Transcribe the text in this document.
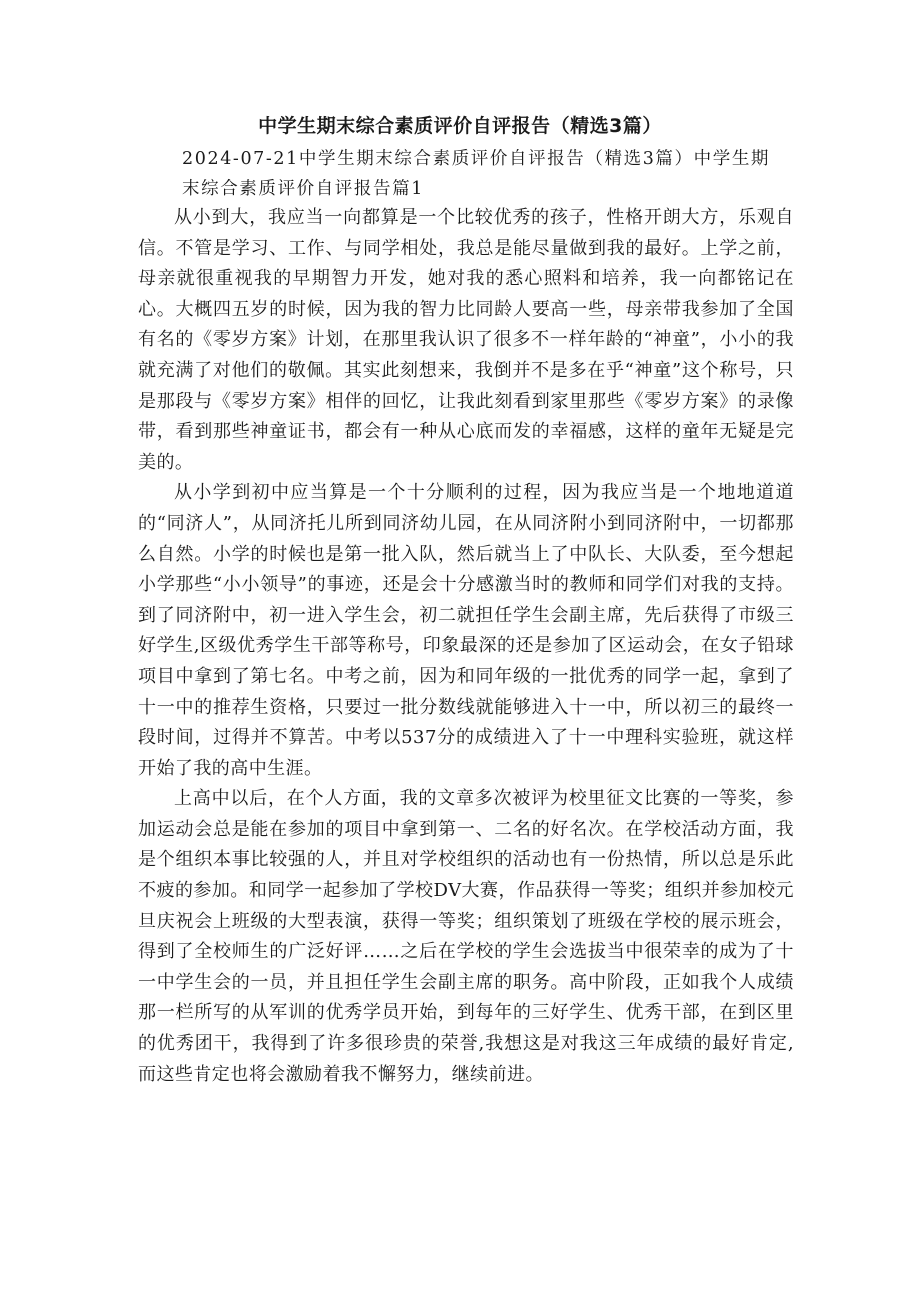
中学生期末综合素质评价自评报告（精选3篇）
2024-07-21中学生期末综合素质评价自评报告（精选3篇）中学生期末综合素质评价自评报告篇1

从小到大，我应当一向都算是一个比较优秀的孩子，性格开朗大方，乐观自信。不管是学习、工作、与同学相处，我总是能尽量做到我的最好。上学之前，母亲就很重视我的早期智力开发，她对我的悉心照料和培养，我一向都铭记在心。大概四五岁的时候，因为我的智力比同龄人要高一些，母亲带我参加了全国有名的《零岁方案》计划，在那里我认识了很多不一样年龄的“神童”，小小的我就充满了对他们的敬佩。其实此刻想来，我倒并不是多在乎“神童”这个称号，只是那段与《零岁方案》相伴的回忆，让我此刻看到家里那些《零岁方案》的录像带，看到那些神童证书，都会有一种从心底而发的幸福感，这样的童年无疑是完美的。

从小学到初中应当算是一个十分顺利的过程，因为我应当是一个地地道道的“同济人”，从同济托儿所到同济幼儿园，在从同济附小到同济附中，一切都那么自然。小学的时候也是第一批入队，然后就当上了中队长、大队委，至今想起小学那些“小小领导”的事迹，还是会十分感激当时的教师和同学们对我的支持。到了同济附中，初一进入学生会，初二就担任学生会副主席，先后获得了市级三好学生,区级优秀学生干部等称号，印象最深的还是参加了区运动会，在女子铅球项目中拿到了第七名。中考之前，因为和同年级的一批优秀的同学一起，拿到了十一中的推荐生资格，只要过一批分数线就能够进入十一中，所以初三的最终一段时间，过得并不算苦。中考以537分的成绩进入了十一中理科实验班，就这样开始了我的高中生涯。

上高中以后，在个人方面，我的文章多次被评为校里征文比赛的一等奖，参加运动会总是能在参加的项目中拿到第一、二名的好名次。在学校活动方面，我是个组织本事比较强的人，并且对学校组织的活动也有一份热情，所以总是乐此不疲的参加。和同学一起参加了学校DV大赛，作品获得一等奖；组织并参加校元旦庆祝会上班级的大型表演，获得一等奖；组织策划了班级在学校的展示班会，得到了全校师生的广泛好评……之后在学校的学生会选拔当中很荣幸的成为了十一中学生会的一员，并且担任学生会副主席的职务。高中阶段，正如我个人成绩那一栏所写的从军训的优秀学员开始，到每年的三好学生、优秀干部，在到区里的优秀团干，我得到了许多很珍贵的荣誉,我想这是对我这三年成绩的最好肯定,而这些肯定也将会激励着我不懈努力，继续前进。
